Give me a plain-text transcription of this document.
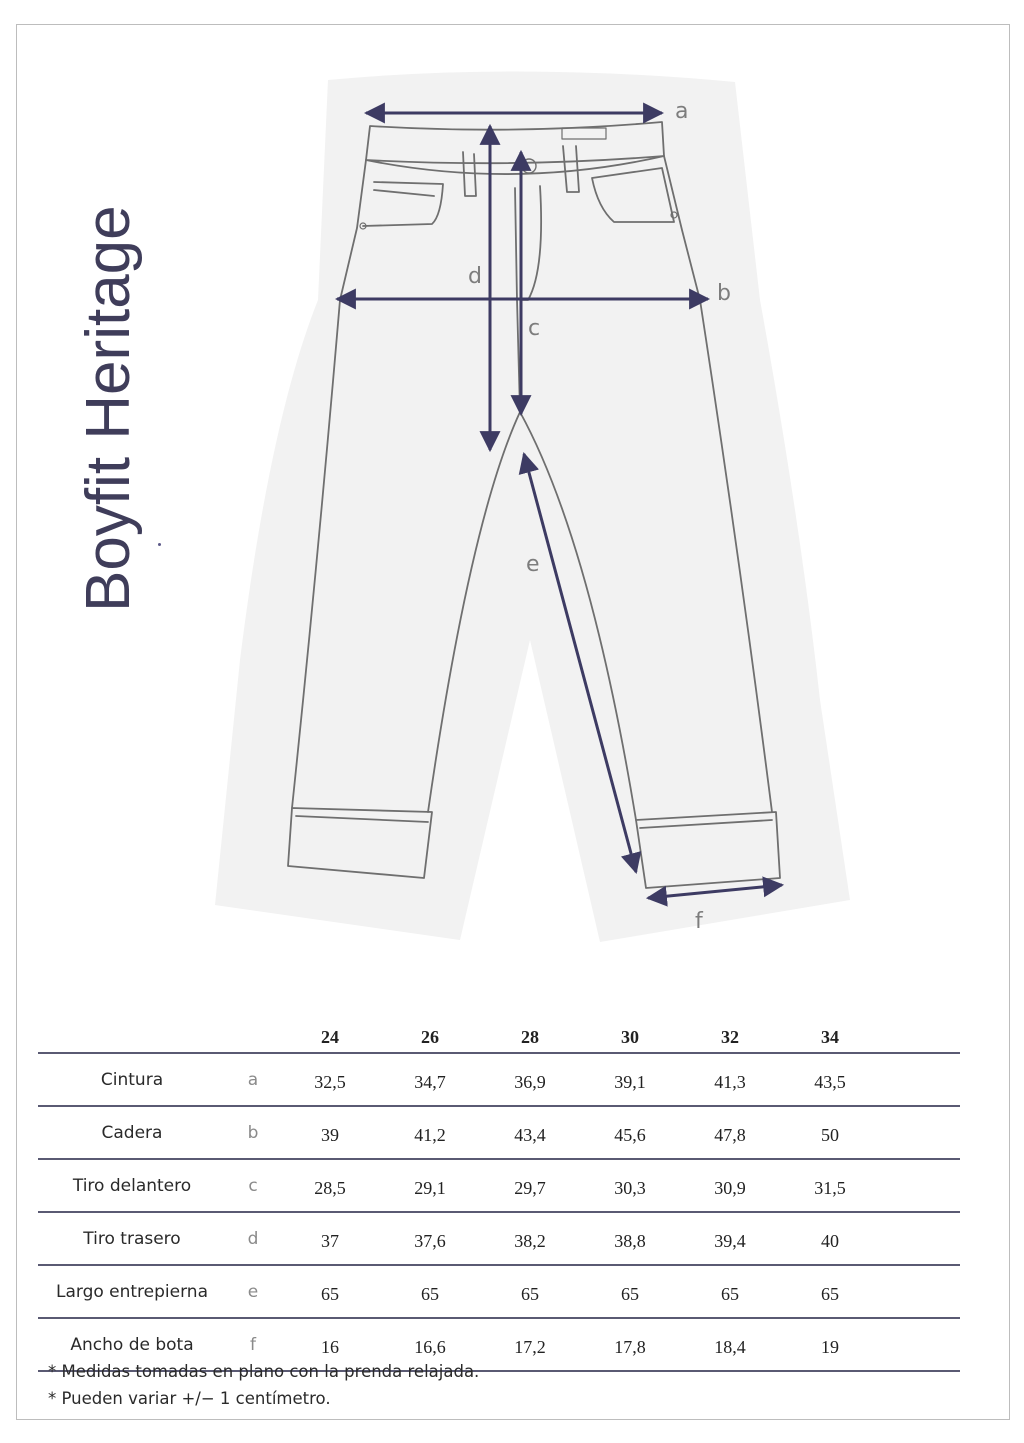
Boyfit Heritage
a
b
c
d
e
f
		24	26	28	30	32	34	
Cintura	a	32,5	34,7	36,9	39,1	41,3	43,5	
Cadera	b	39	41,2	43,4	45,6	47,8	50	
Tiro delantero	c	28,5	29,1	29,7	30,3	30,9	31,5	
Tiro trasero	d	37	37,6	38,2	38,8	39,4	40	
Largo entrepierna	e	65	65	65	65	65	65	
Ancho de bota	f	16	16,6	17,2	17,8	18,4	19	
* Medidas tomadas en plano con la prenda relajada.
* Pueden variar +/− 1 centímetro.
